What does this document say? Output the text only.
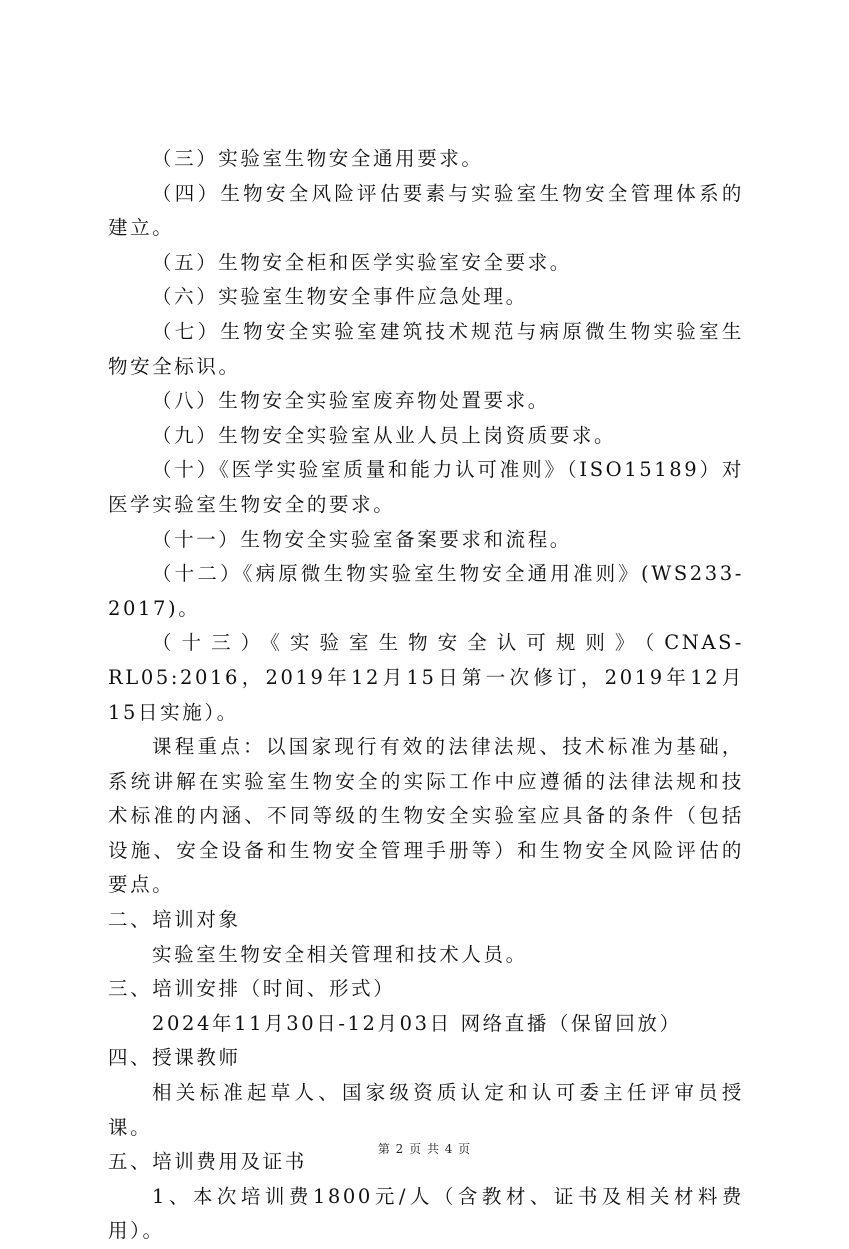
（三）实验室生物安全通用要求。

（四）生物安全风险评估要素与实验室生物安全管理体系的建立。

（五）生物安全柜和医学实验室安全要求。

（六）实验室生物安全事件应急处理。

（七）生物安全实验室建筑技术规范与病原微生物实验室生物安全标识。

（八）生物安全实验室废弃物处置要求。

（九）生物安全实验室从业人员上岗资质要求。

（十）《医学实验室质量和能力认可准则》（ISO15189）对医学实验室生物安全的要求。

（十一）生物安全实验室备案要求和流程。

（十二）《病原微生物实验室生物安全通用准则》(WS233-2017)。

（十三）《实验室生物安全认可规则》（CNAS-RL05:2016，2019年12月15日第一次修订，2019年12月15日实施）。

课程重点：以国家现行有效的法律法规、技术标准为基础，系统讲解在实验室生物安全的实际工作中应遵循的法律法规和技术标准的内涵、不同等级的生物安全实验室应具备的条件（包括设施、安全设备和生物安全管理手册等）和生物安全风险评估的要点。

二、培训对象

实验室生物安全相关管理和技术人员。

三、培训安排（时间、形式）

2024年11月30日-12月03日 网络直播（保留回放）

四、授课教师

相关标准起草人、国家级资质认定和认可委主任评审员授课。

五、培训费用及证书

1、本次培训费1800元/人（含教材、证书及相关材料费用）。

第 2 页 共 4 页
